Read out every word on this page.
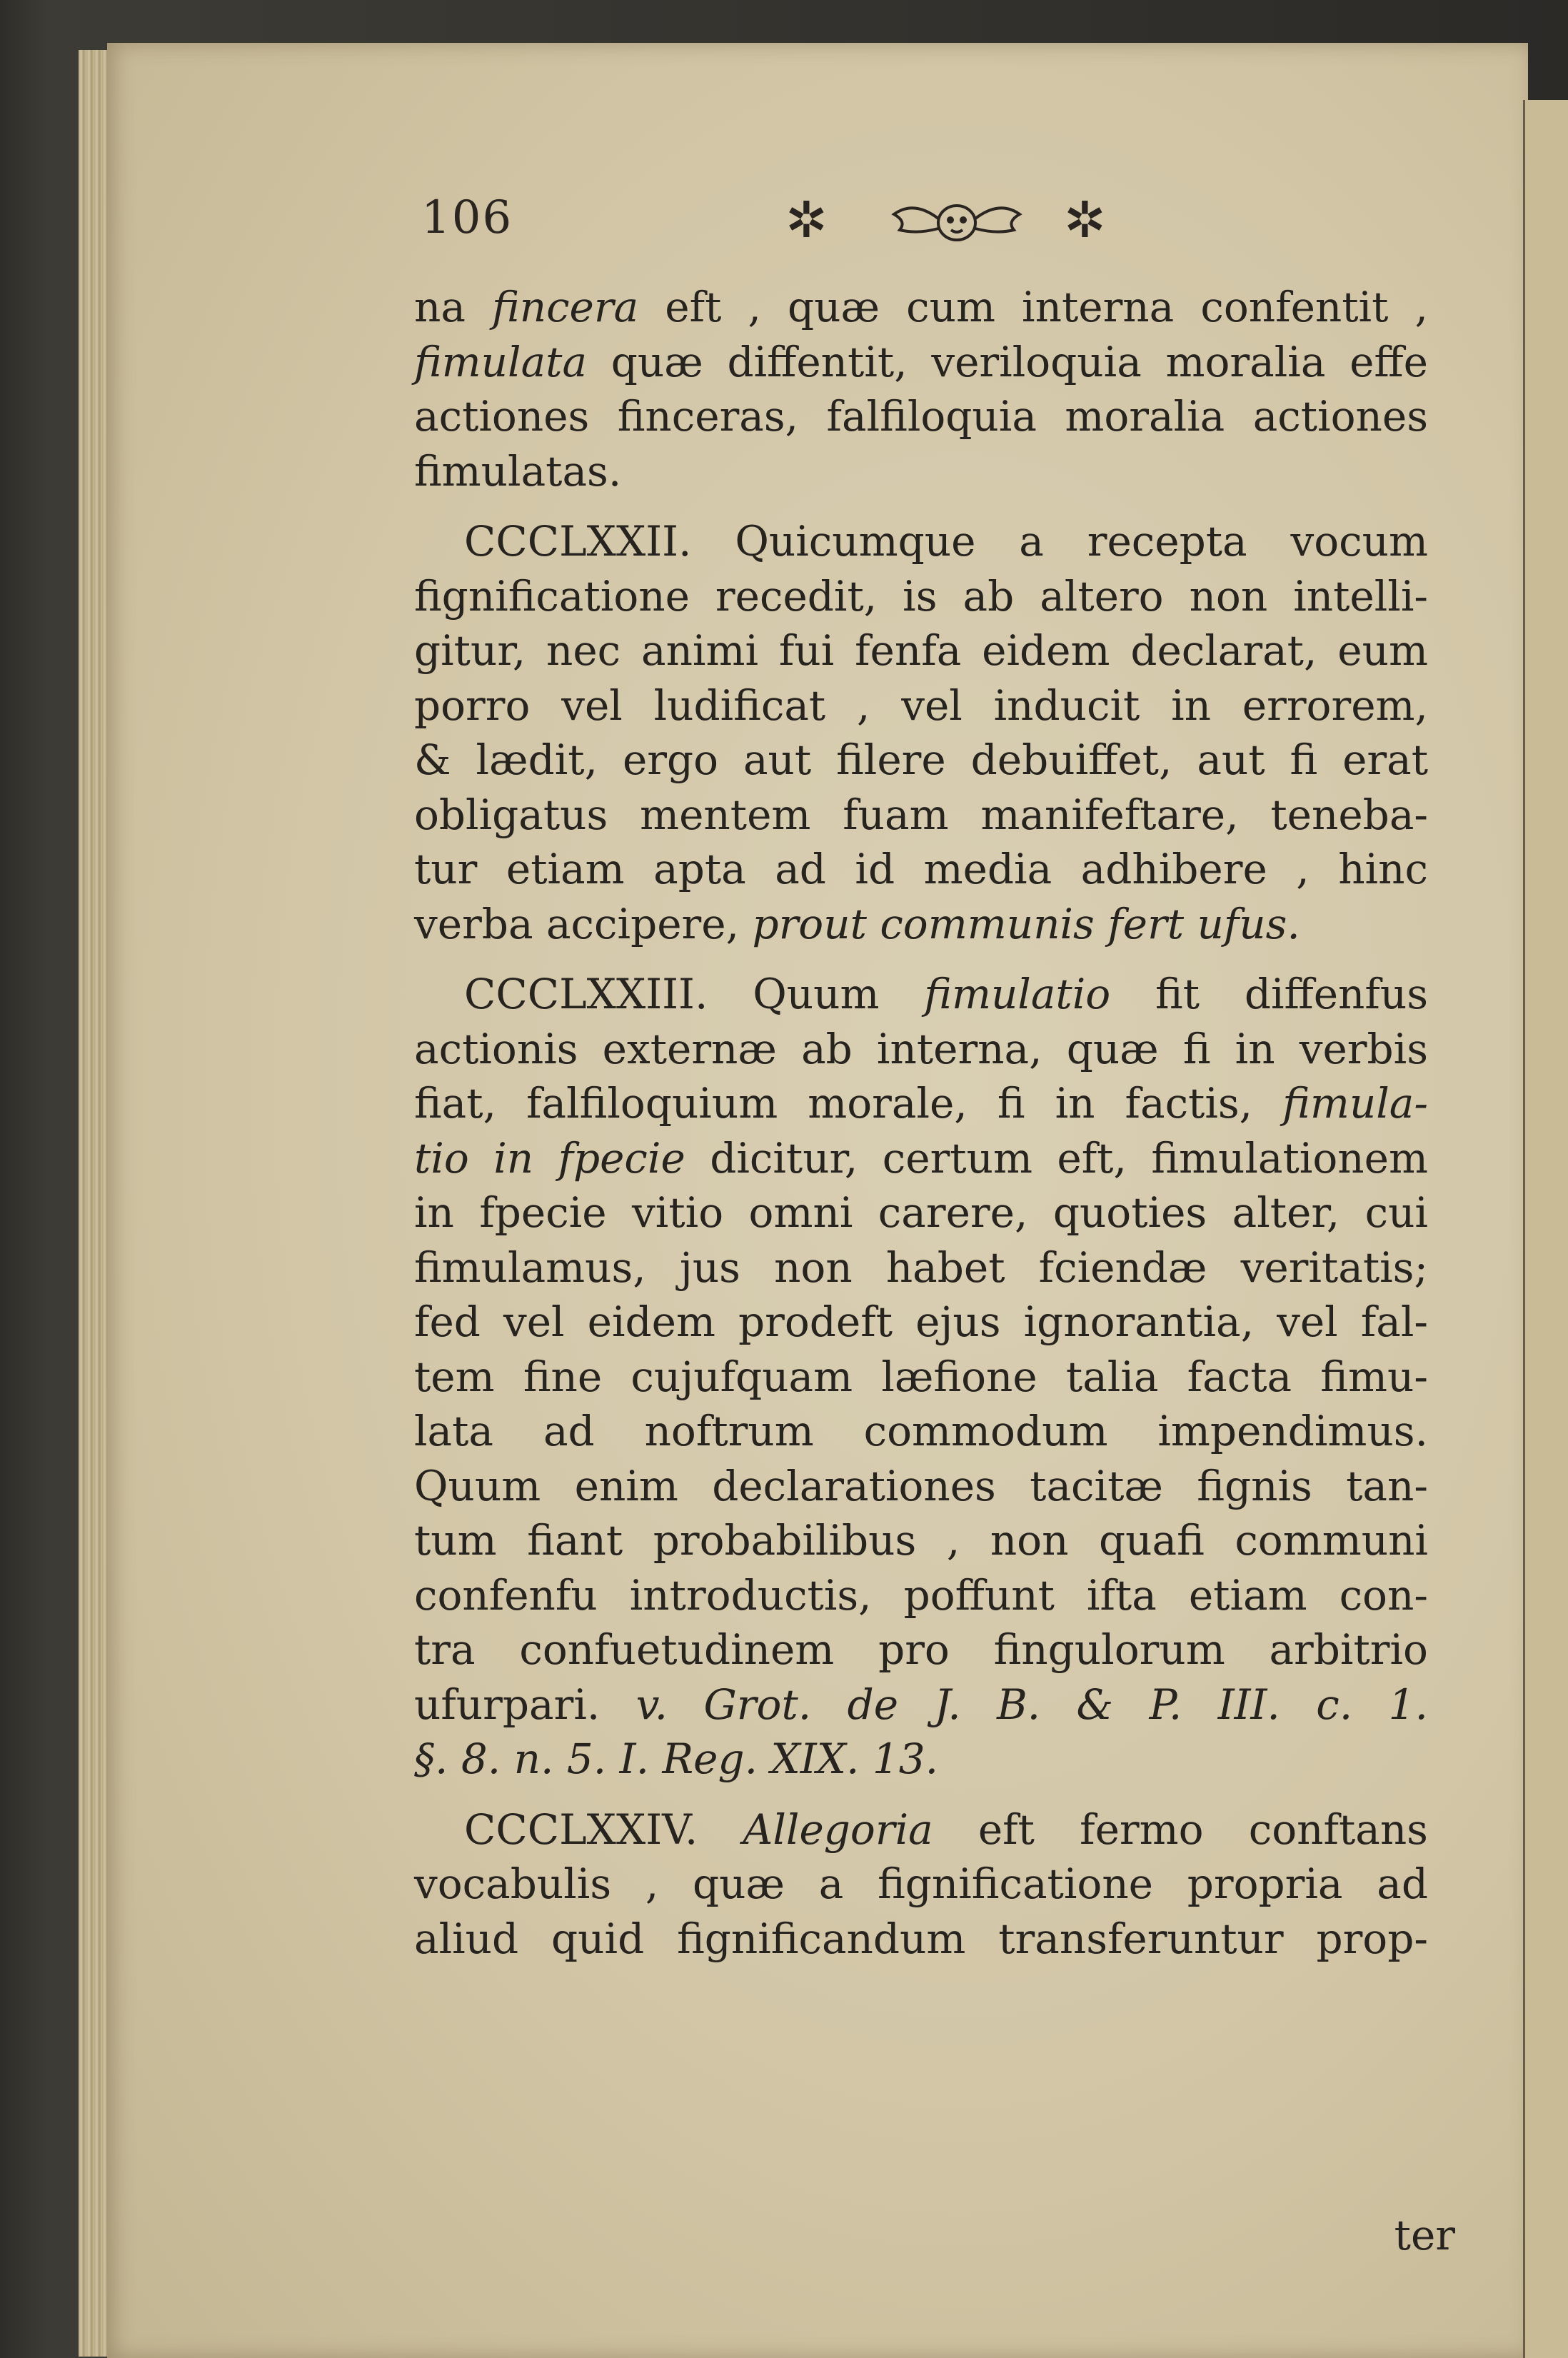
106	✲	✲
na fincera eft , quæ cum interna confentit ,
fimulata quæ diffentit, veriloquia moralia effe
actiones finceras, falfiloquia moralia actiones
fimulatas.
CCCLXXII. Quicumque a recepta vocum
fignificatione recedit, is ab altero non intelli-
gitur, nec animi fui fenfa eidem declarat, eum
porro vel ludificat , vel inducit in errorem,
& lædit, ergo aut filere debuiffet, aut fi erat
obligatus mentem fuam manifeftare, teneba-
tur etiam apta ad id media adhibere , hinc
verba accipere, prout communis fert ufus.
CCCLXXIII. Quum fimulatio fit diffenfus
actionis externæ ab interna, quæ fi in verbis
fiat, falfiloquium morale, fi in factis, fimula-
tio in fpecie dicitur, certum eft, fimulationem
in fpecie vitio omni carere, quoties alter, cui
fimulamus, jus non habet fciendæ veritatis;
fed vel eidem prodeft ejus ignorantia, vel fal-
tem fine cujufquam læfione talia facta fimu-
lata ad noftrum commodum impendimus.
Quum enim declarationes tacitæ fignis tan-
tum fiant probabilibus , non quafi communi
confenfu introductis, poffunt ifta etiam con-
tra confuetudinem pro fingulorum arbitrio
ufurpari. v. Grot. de J. B. & P. III. c. 1.
§. 8. n. 5. I. Reg. XIX. 13.
CCCLXXIV. Allegoria eft fermo conftans
vocabulis , quæ a fignificatione propria ad
aliud quid fignificandum transferuntur prop-
ter
